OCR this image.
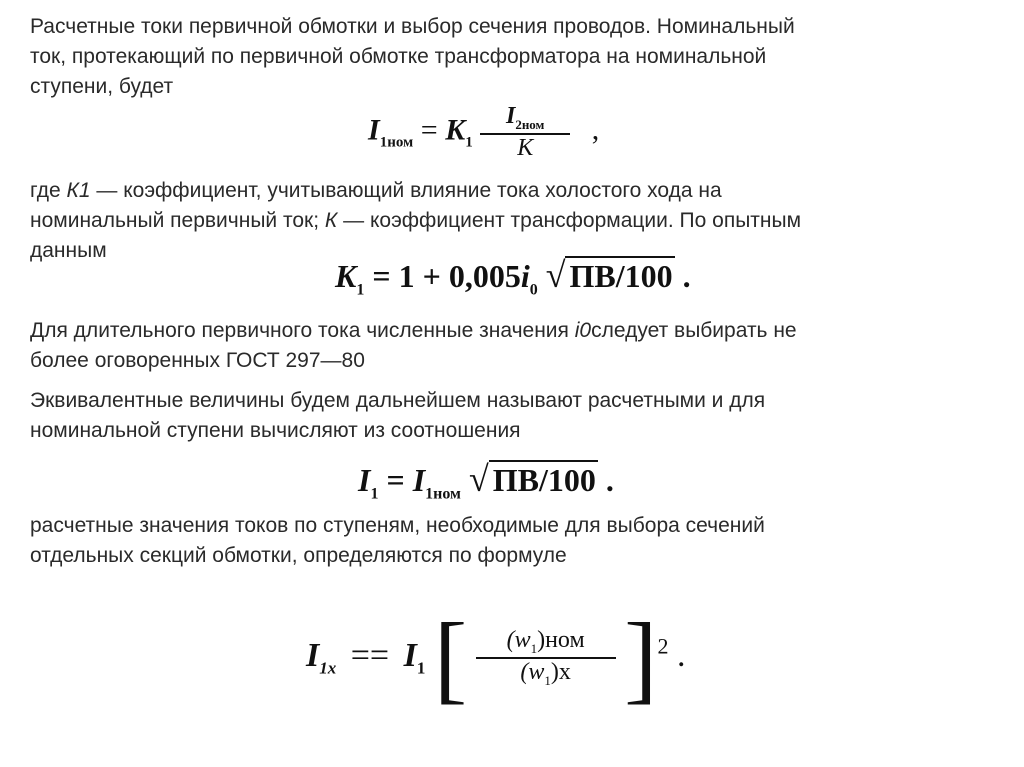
Расчетные токи первичной обмотки и выбор сечения проводов. Номинальный
ток, протекающий по первичной обмотке трансформатора на номинальной
ступени, будет
$I_{1ном} = K_1 \frac{I_{2ном}}{K}$ ,
где К1 — коэффициент, учитывающий влияние тока холостого хода на
номинальный первичный ток; К — коэффициент трансформации. По опытным
данным
$K_1 = 1 + 0,005i_0$ √ ПВ/100 .
Для длительного первичного тока численные значения i0следует выбирать не
более оговоренных ГОСТ 297—80
Эквивалентные величины будем дальнейшем называют расчетными и для
номинальной ступени вычисляют из соотношения
$I_1 = I_{1ном}$ √ ПВ/100 .
расчетные значения токов по ступеням, необходимые для выбора сечений
отдельных секций обмотки, определяются по формуле
$I_{1x} == I_1$ [ $\frac{(w_1)ном}{(w_1)x} ]^2$ .
